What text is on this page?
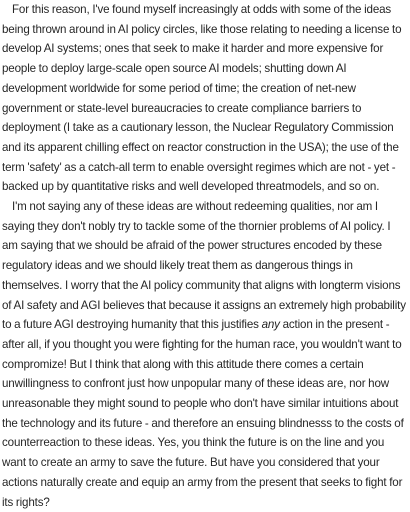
For this reason, I've found myself increasingly at odds with some of the ideas being thrown around in AI policy circles, like those relating to needing a license to develop AI systems; ones that seek to make it harder and more expensive for people to deploy large-scale open source AI models; shutting down AI development worldwide for some period of time; the creation of net-new government or state-level bureaucracies to create compliance barriers to deployment (I take as a cautionary lesson, the Nuclear Regulatory Commission and its apparent chilling effect on reactor construction in the USA); the use of the term 'safety' as a catch-all term to enable oversight regimes which are not - yet - backed up by quantitative risks and well developed threatmodels, and so on.

I'm not saying any of these ideas are without redeeming qualities, nor am I saying they don't nobly try to tackle some of the thornier problems of AI policy. I am saying that we should be afraid of the power structures encoded by these regulatory ideas and we should likely treat them as dangerous things in themselves. I worry that the AI policy community that aligns with longterm visions of AI safety and AGI believes that because it assigns an extremely high probability to a future AGI destroying humanity that this justifies any action in the present - after all, if you thought you were fighting for the human race, you wouldn't want to compromize! But I think that along with this attitude there comes a certain unwillingness to confront just how unpopular many of these ideas are, nor how unreasonable they might sound to people who don't have similar intuitions about the technology and its future - and therefore an ensuing blindnesss to the costs of counterreaction to these ideas. Yes, you think the future is on the line and you want to create an army to save the future. But have you considered that your actions naturally create and equip an army from the present that seeks to fight for its rights?
